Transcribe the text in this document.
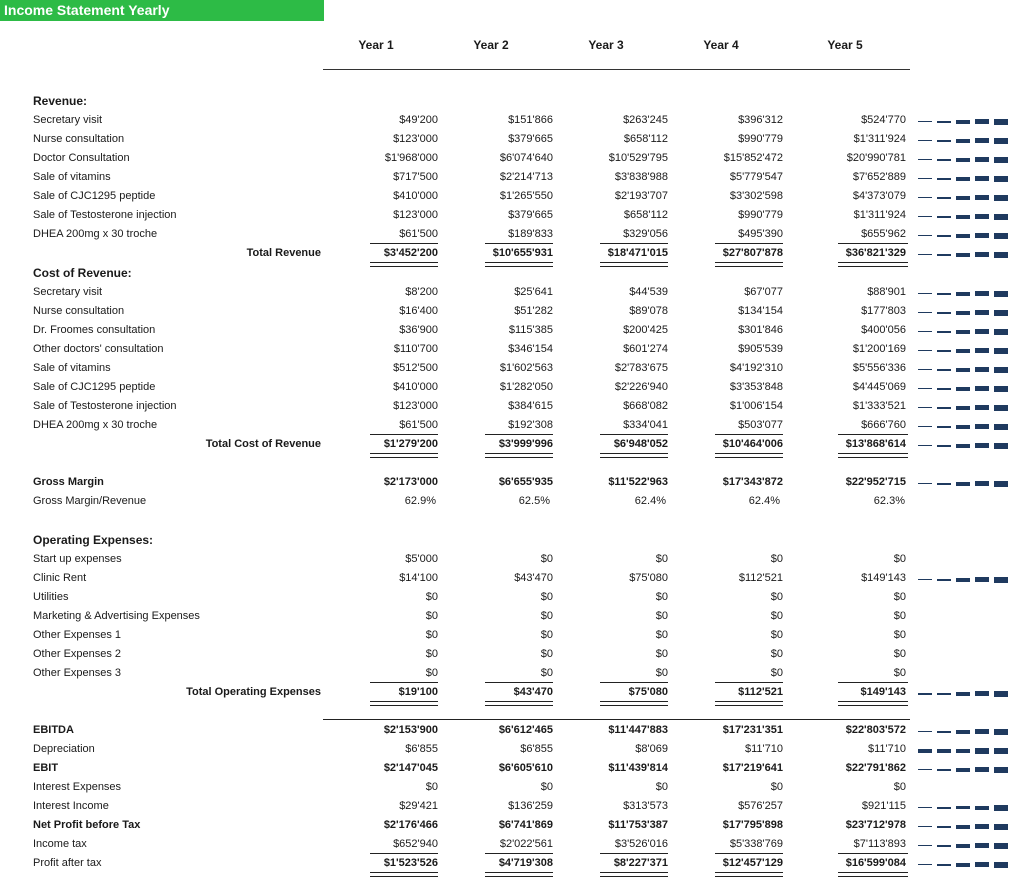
Income Statement Yearly
Year 1	Year 2	Year 3	Year 4	Year 5
Revenue:
Secretary visit	$49'200	$151'866	$263'245	$396'312	$524'770
Nurse consultation	$123'000	$379'665	$658'112	$990'779	$1'311'924
Doctor Consultation	$1'968'000	$6'074'640	$10'529'795	$15'852'472	$20'990'781
Sale of vitamins	$717'500	$2'214'713	$3'838'988	$5'779'547	$7'652'889
Sale of CJC1295 peptide	$410'000	$1'265'550	$2'193'707	$3'302'598	$4'373'079
Sale of Testosterone injection	$123'000	$379'665	$658'112	$990'779	$1'311'924
DHEA 200mg x 30 troche	$61'500	$189'833	$329'056	$495'390	$655'962
Total Revenue	$3'452'200	$10'655'931	$18'471'015	$27'807'878	$36'821'329
Cost of Revenue:
Secretary visit	$8'200	$25'641	$44'539	$67'077	$88'901
Nurse consultation	$16'400	$51'282	$89'078	$134'154	$177'803
Dr. Froomes consultation	$36'900	$115'385	$200'425	$301'846	$400'056
Other doctors' consultation	$110'700	$346'154	$601'274	$905'539	$1'200'169
Sale of vitamins	$512'500	$1'602'563	$2'783'675	$4'192'310	$5'556'336
Sale of CJC1295 peptide	$410'000	$1'282'050	$2'226'940	$3'353'848	$4'445'069
Sale of Testosterone injection	$123'000	$384'615	$668'082	$1'006'154	$1'333'521
DHEA 200mg x 30 troche	$61'500	$192'308	$334'041	$503'077	$666'760
Total Cost of Revenue	$1'279'200	$3'999'996	$6'948'052	$10'464'006	$13'868'614
Gross Margin	$2'173'000	$6'655'935	$11'522'963	$17'343'872	$22'952'715
Gross Margin/Revenue	62.9%	62.5%	62.4%	62.4%	62.3%
Operating Expenses:
Start up expenses	$5'000	$0	$0	$0	$0
Clinic Rent	$14'100	$43'470	$75'080	$112'521	$149'143
Utilities	$0	$0	$0	$0	$0
Marketing & Advertising Expenses	$0	$0	$0	$0	$0
Other Expenses 1	$0	$0	$0	$0	$0
Other Expenses 2	$0	$0	$0	$0	$0
Other Expenses 3	$0	$0	$0	$0	$0
Total Operating Expenses	$19'100	$43'470	$75'080	$112'521	$149'143
EBITDA	$2'153'900	$6'612'465	$11'447'883	$17'231'351	$22'803'572
Depreciation	$6'855	$6'855	$8'069	$11'710	$11'710
EBIT	$2'147'045	$6'605'610	$11'439'814	$17'219'641	$22'791'862
Interest Expenses	$0	$0	$0	$0	$0
Interest Income	$29'421	$136'259	$313'573	$576'257	$921'115
Net Profit before Tax	$2'176'466	$6'741'869	$11'753'387	$17'795'898	$23'712'978
Income tax	$652'940	$2'022'561	$3'526'016	$5'338'769	$7'113'893
Profit after tax	$1'523'526	$4'719'308	$8'227'371	$12'457'129	$16'599'084
